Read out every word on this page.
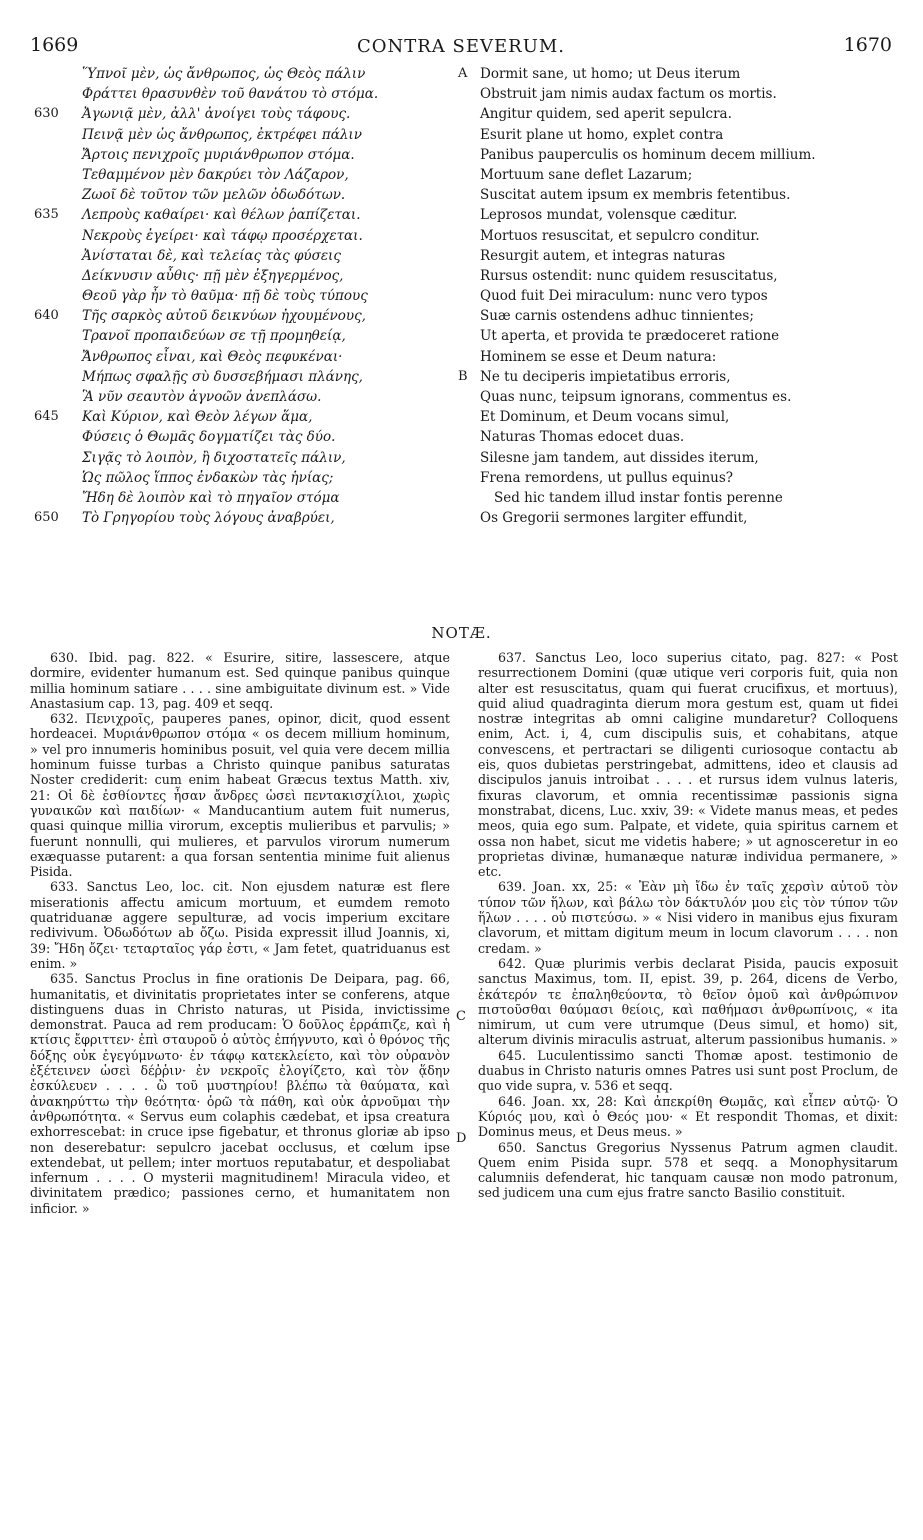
1669	CONTRA SEVERUM.	1670
Ὕπνοῖ μὲν, ὡς ἄνθρωπος, ὡς Θεὸς πάλιν
Φράττει θρασυνθὲν τοῦ θανάτου τὸ στόμα.
630 Ἀγωνιᾷ μὲν, ἀλλ' ἀνοίγει τοὺς τάφους.
Πεινᾷ μὲν ὡς ἄνθρωπος, ἐκτρέφει πάλιν
Ἄρτοις πενιχροῖς μυριάνθρωπον στόμα.
Τεθαμμένον μὲν δακρύει τὸν Λάζαρον,
Ζωοῖ δὲ τοῦτον τῶν μελῶν ὀδωδότων.
635 Λεπροὺς καθαίρει· καὶ θέλων ῥαπίζεται.
Νεκροὺς ἐγείρει· καὶ τάφῳ προσέρχεται.
Ἀνίσταται δὲ, καὶ τελείας τὰς φύσεις
Δείκνυσιν αὖθις· πῇ μὲν ἐξηγερμένος,
Θεοῦ γὰρ ἦν τὸ θαῦμα· πῇ δὲ τοὺς τύπους
640 Τῆς σαρκὸς αὐτοῦ δεικνύων ἠχουμένους,
Τρανοῖ προπαιδεύων σε τῇ προμηθείᾳ,
Ἄνθρωπος εἶναι, καὶ Θεὸς πεφυκέναι·
Μήπως σφαλῇς σὺ δυσσεβήμασι πλάνης,
Ἃ νῦν σεαυτὸν ἀγνοῶν ἀνεπλάσω.
645 Καὶ Κύριον, καὶ Θεὸν λέγων ἅμα,
Φύσεις ὁ Θωμᾶς δογματίζει τὰς δύο.
Σιγᾷς τὸ λοιπὸν, ἢ διχοστατεῖς πάλιν,
Ὡς πῶλος ἵππος ἐνδακὼν τὰς ἡνίας;
Ἤδη δὲ λοιπὸν καὶ τὸ πηγαῖον στόμα
650 Τὸ Γρηγορίου τοὺς λόγους ἀναβρύει,
A Dormit sane, ut homo; ut Deus iterum
Obstruit jam nimis audax factum os mortis.
Angitur quidem, sed aperit sepulcra.
Esurit plane ut homo, explet contra
Panibus pauperculis os hominum decem millium.
Mortuum sane deflet Lazarum;
Suscitat autem ipsum ex membris fetentibus.
Leprosos mundat, volensque cæditur.
Mortuos resuscitat, et sepulcro conditur.
Resurgit autem, et integras naturas
Rursus ostendit: nunc quidem resuscitatus,
Quod fuit Dei miraculum: nunc vero typos
Suæ carnis ostendens adhuc tinnientes;
Ut aperta, et provida te prædoceret ratione
Hominem se esse et Deum natura:
B Ne tu deciperis impietatibus erroris,
Quas nunc, teipsum ignorans, commentus es.
Et Dominum, et Deum vocans simul,
Naturas Thomas edocet duas.
Silesne jam tandem, aut dissides iterum,
Frena remordens, ut pullus equinus?
Sed hic tandem illud instar fontis perenne
Os Gregorii sermones largiter effundit,
NOTÆ.

630. Ibid. pag. 822. « Esurire, sitire, lassescere, atque dormire, evidenter humanum est. Sed quinque panibus quinque millia hominum satiare . . . . sine ambiguitate divinum est. » Vide Anastasium cap. 13, pag. 409 et seqq.

632. Πενιχροῖς, pauperes panes, opinor, dicit, quod essent hordeacei. Μυριάνθρωπον στόμα « os decem millium hominum, » vel pro innumeris hominibus posuit, vel quia vere decem millia hominum fuisse turbas a Christo quinque panibus saturatas Noster crediderit: cum enim habeat Græcus textus Matth. xiv, 21: Οἱ δὲ ἐσθίοντες ἦσαν ἄνδρες ὡσεὶ πεντακισχίλιοι, χωρὶς γυναικῶν καὶ παιδίων· « Manducantium autem fuit numerus, quasi quinque millia virorum, exceptis mulieribus et parvulis; » fuerunt nonnulli, qui mulieres, et parvulos virorum numerum exæquasse putarent: a qua forsan sententia minime fuit alienus Pisida.

633. Sanctus Leo, loc. cit. Non ejusdem naturæ est flere miserationis affectu amicum mortuum, et eumdem remoto quatriduanæ aggere sepulturæ, ad vocis imperium excitare redivivum. Ὀδωδότων ab ὄζω. Pisida expressit illud Joannis, xi, 39: Ἤδη ὄζει· τεταρταῖος γάρ ἐστι, « Jam fetet, quatriduanus est enim. »

635. Sanctus Proclus in fine orationis De Deipara, pag. 66, humanitatis, et divinitatis proprietates inter se conferens, atque distinguens duas in Christo naturas, ut Pisida, invictissime demonstrat. Pauca ad rem producam: Ὁ δοῦλος ἐρράπιζε, καὶ ἡ κτίσις ἔφριττεν· ἐπὶ σταυροῦ ὁ αὐτὸς ἐπήγνυτο, καὶ ὁ θρόνος τῆς δόξης οὐκ ἐγεγύμνωτο· ἐν τάφῳ κατεκλείετο, καὶ τὸν οὐρανὸν ἐξέτεινεν ὡσεὶ δέῤῥιν· ἐν νεκροῖς ἐλογίζετο, καὶ τὸν ᾅδην ἐσκύλευεν . . . . ὢ τοῦ μυστηρίου! βλέπω τὰ θαύματα, καὶ ἀνακηρύττω τὴν θεότητα· ὁρῶ τὰ πάθη, καὶ οὐκ ἀρνοῦμαι τὴν ἀνθρωπότητα. « Servus eum colaphis cædebat, et ipsa creatura exhorrescebat: in cruce ipse figebatur, et thronus gloriæ ab ipso non deserebatur: sepulcro jacebat occlusus, et cœlum ipse extendebat, ut pellem; inter mortuos reputabatur, et despoliabat infernum . . . . O mysterii magnitudinem! Miracula video, et divinitatem prædico; passiones cerno, et humanitatem non inficior. »

637. Sanctus Leo, loco superius citato, pag. 827: « Post resurrectionem Domini (quæ utique veri corporis fuit, quia non alter est resuscitatus, quam qui fuerat crucifixus, et mortuus), quid aliud quadraginta dierum mora gestum est, quam ut fidei nostræ integritas ab omni caligine mundaretur? Colloquens enim, Act. i, 4, cum discipulis suis, et cohabitans, atque convescens, et pertractari se diligenti curiosoque contactu ab eis, quos dubietas perstringebat, admittens, ideo et clausis ad discipulos januis introibat . . . . et rursus idem vulnus lateris, fixuras clavorum, et omnia recentissimæ passionis signa monstrabat, dicens, Luc. xxiv, 39: « Videte manus meas, et pedes meos, quia ego sum. Palpate, et videte, quia spiritus carnem et ossa non habet, sicut me videtis habere; » ut agnosceretur in eo proprietas divinæ, humanæque naturæ individua permanere, » etc.

639. Joan. xx, 25: « Ἐὰν μὴ ἴδω ἐν ταῖς χερσὶν αὐτοῦ τὸν τύπον τῶν ἥλων, καὶ βάλω τὸν δάκτυλόν μου εἰς τὸν τύπον τῶν ἥλων . . . . οὐ πιστεύσω. » « Nisi videro in manibus ejus fixuram clavorum, et mittam digitum meum in locum clavorum . . . . non credam. »

642. Quæ plurimis verbis declarat Pisida, paucis exposuit sanctus Maximus, tom. II, epist. 39, p. 264, dicens de Verbo, ἑκάτερόν τε ἐπαληθεύοντα, τὸ θεῖον ὁμοῦ καὶ ἀνθρώπινον πιστοῦσθαι θαύμασι θείοις, καὶ παθήμασι ἀνθρωπίνοις, « ita nimirum, ut cum vere utrumque (Deus simul, et homo) sit, alterum divinis miraculis astruat, alterum passionibus humanis. »

645. Luculentissimo sancti Thomæ apost. testimonio de duabus in Christo naturis omnes Patres usi sunt post Proclum, de quo vide supra, v. 536 et seqq.

646. Joan. xx, 28: Καὶ ἀπεκρίθη Θωμᾶς, καὶ εἶπεν αὐτῷ· Ὁ Κύριός μου, καὶ ὁ Θεός μου· « Et respondit Thomas, et dixit: Dominus meus, et Deus meus. »

650. Sanctus Gregorius Nyssenus Patrum agmen claudit. Quem enim Pisida supr. 578 et seqq. a Monophysitarum calumniis defenderat, hic tanquam causæ non modo patronum, sed judicem una cum ejus fratre sancto Basilio constituit.

C
D
